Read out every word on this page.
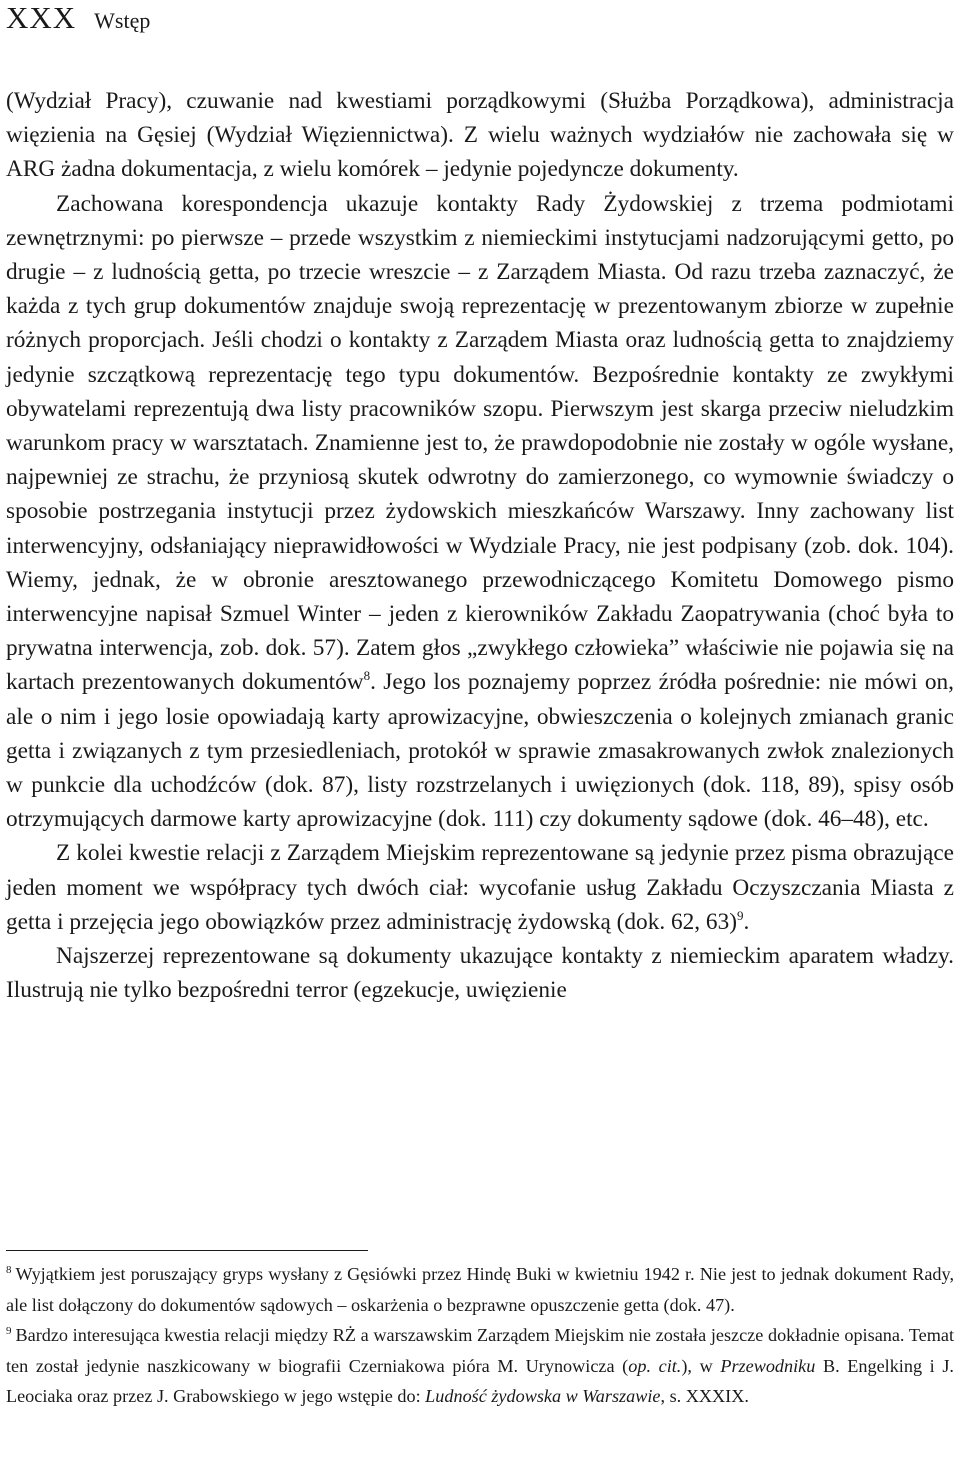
XXX Wstęp

(Wydział Pracy), czuwanie nad kwestiami porządkowymi (Służba Porządkowa), administracja więzienia na Gęsiej (Wydział Więziennictwa). Z wielu ważnych wydziałów nie zachowała się w ARG żadna dokumentacja, z wielu komórek – jedynie pojedyncze dokumenty.

Zachowana korespondencja ukazuje kontakty Rady Żydowskiej z trzema podmiotami zewnętrznymi: po pierwsze – przede wszystkim z niemieckimi instytucjami nadzorującymi getto, po drugie – z ludnością getta, po trzecie wreszcie – z Zarządem Miasta. Od razu trzeba zaznaczyć, że każda z tych grup dokumentów znajduje swoją reprezentację w prezentowanym zbiorze w zupełnie różnych proporcjach. Jeśli chodzi o kontakty z Zarządem Miasta oraz ludnością getta to znajdziemy jedynie szczątkową reprezentację tego typu dokumentów. Bezpośrednie kontakty ze zwykłymi obywatelami reprezentują dwa listy pracowników szopu. Pierwszym jest skarga przeciw nieludzkim warunkom pracy w warsztatach. Znamienne jest to, że prawdopodobnie nie zostały w ogóle wysłane, najpewniej ze strachu, że przyniosą skutek odwrotny do zamierzonego, co wymownie świadczy o sposobie postrzegania instytucji przez żydowskich mieszkańców Warszawy. Inny zachowany list interwencyjny, odsłaniający nieprawidłowości w Wydziale Pracy, nie jest podpisany (zob. dok. 104). Wiemy, jednak, że w obronie aresztowanego przewodniczącego Komitetu Domowego pismo interwencyjne napisał Szmuel Winter – jeden z kierowników Zakładu Zaopatrywania (choć była to prywatna interwencja, zob. dok. 57). Zatem głos „zwykłego człowieka” właściwie nie pojawia się na kartach prezentowanych dokumentów$^8$. Jego los poznajemy poprzez źródła pośrednie: nie mówi on, ale o nim i jego losie opowiadają karty aprowizacyjne, obwieszczenia o kolejnych zmianach granic getta i związanych z tym przesiedleniach, protokół w sprawie zmasakrowanych zwłok znalezionych w punkcie dla uchodźców (dok. 87), listy rozstrzelanych i uwięzionych (dok. 118, 89), spisy osób otrzymujących darmowe karty aprowizacyjne (dok. 111) czy dokumenty sądowe (dok. 46–48), etc.

Z kolei kwestie relacji z Zarządem Miejskim reprezentowane są jedynie przez pisma obrazujące jeden moment we współpracy tych dwóch ciał: wycofanie usług Zakładu Oczyszczania Miasta z getta i przejęcia jego obowiązków przez administrację żydowską (dok. 62, 63)$^9$.

Najszerzej reprezentowane są dokumenty ukazujące kontakty z niemieckim aparatem władzy. Ilustrują nie tylko bezpośredni terror (egzekucje, uwięzienie

$^8$ Wyjątkiem jest poruszający gryps wysłany z Gęsiówki przez Hindę Buki w kwietniu 1942 r. Nie jest to jednak dokument Rady, ale list dołączony do dokumentów sądowych – oskarżenia o bezprawne opuszczenie getta (dok. 47).

$^9$ Bardzo interesująca kwestia relacji między RŻ a warszawskim Zarządem Miejskim nie została jeszcze dokładnie opisana. Temat ten został jedynie naszkicowany w biografii Czerniakowa pióra M. Urynowicza (op. cit.), w Przewodniku B. Engelking i J. Leociaka oraz przez J. Grabowskiego w jego wstępie do: Ludność żydowska w Warszawie, s. XXXIX.
